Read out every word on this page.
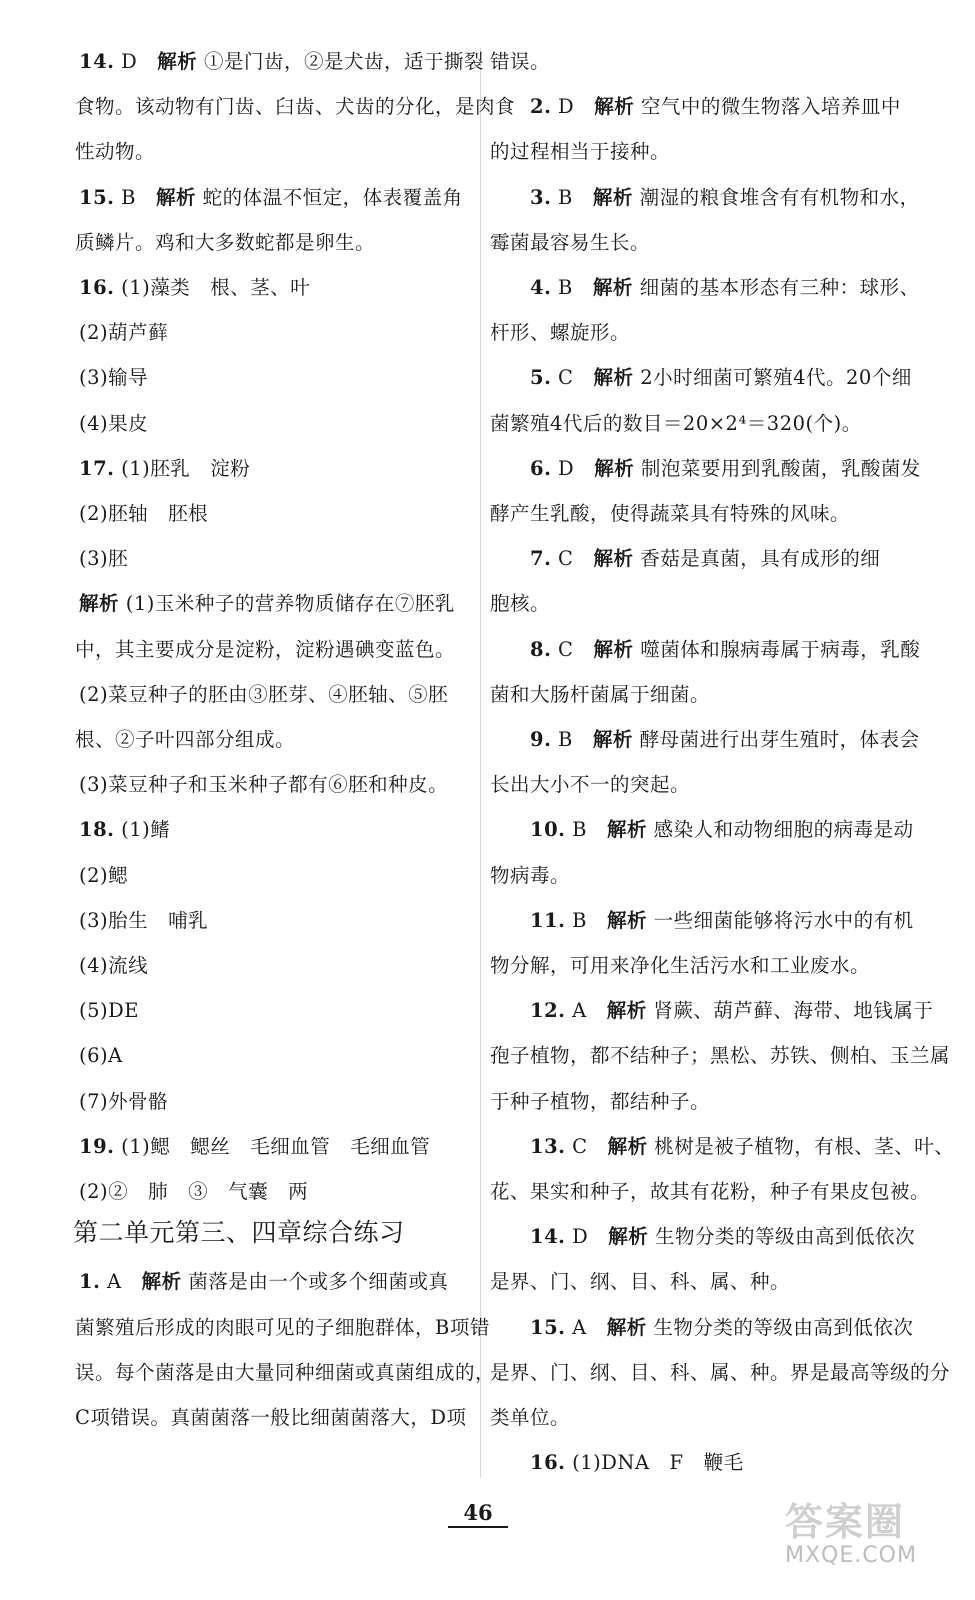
14. D　解析 ①是门齿，②是犬齿，适于撕裂
食物。该动物有门齿、臼齿、犬齿的分化，是肉食
性动物。
15. B　解析 蛇的体温不恒定，体表覆盖角
质鳞片。鸡和大多数蛇都是卵生。
16. (1)藻类　根、茎、叶
(2)葫芦藓
(3)输导
(4)果皮
17. (1)胚乳　淀粉
(2)胚轴　胚根
(3)胚
解析 (1)玉米种子的营养物质储存在⑦胚乳
中，其主要成分是淀粉，淀粉遇碘变蓝色。
(2)菜豆种子的胚由③胚芽、④胚轴、⑤胚
根、②子叶四部分组成。
(3)菜豆种子和玉米种子都有⑥胚和种皮。
18. (1)鳍
(2)鳃
(3)胎生　哺乳
(4)流线
(5)DE
(6)A
(7)外骨骼
19. (1)鳃　鳃丝　毛细血管　毛细血管
(2)②　肺　③　气囊　两
第二单元第三、四章综合练习
1. A　解析 菌落是由一个或多个细菌或真
菌繁殖后形成的肉眼可见的子细胞群体，B项错
误。每个菌落是由大量同种细菌或真菌组成的，
C项错误。真菌菌落一般比细菌菌落大，D项
错误。
2. D　解析 空气中的微生物落入培养皿中
的过程相当于接种。
3. B　解析 潮湿的粮食堆含有有机物和水，
霉菌最容易生长。
4. B　解析 细菌的基本形态有三种：球形、
杆形、螺旋形。
5. C　解析 2小时细菌可繁殖4代。20个细
菌繁殖4代后的数目＝20×2⁴＝320(个)。
6. D　解析 制泡菜要用到乳酸菌，乳酸菌发
酵产生乳酸，使得蔬菜具有特殊的风味。
7. C　解析 香菇是真菌，具有成形的细
胞核。
8. C　解析 噬菌体和腺病毒属于病毒，乳酸
菌和大肠杆菌属于细菌。
9. B　解析 酵母菌进行出芽生殖时，体表会
长出大小不一的突起。
10. B　解析 感染人和动物细胞的病毒是动
物病毒。
11. B　解析 一些细菌能够将污水中的有机
物分解，可用来净化生活污水和工业废水。
12. A　解析 肾蕨、葫芦藓、海带、地钱属于
孢子植物，都不结种子；黑松、苏铁、侧柏、玉兰属
于种子植物，都结种子。
13. C　解析 桃树是被子植物，有根、茎、叶、
花、果实和种子，故其有花粉，种子有果皮包被。
14. D　解析 生物分类的等级由高到低依次
是界、门、纲、目、科、属、种。
15. A　解析 生物分类的等级由高到低依次
是界、门、纲、目、科、属、种。界是最高等级的分
类单位。
16. (1)DNA　F　鞭毛
46	答案圈
MXQE.COM
